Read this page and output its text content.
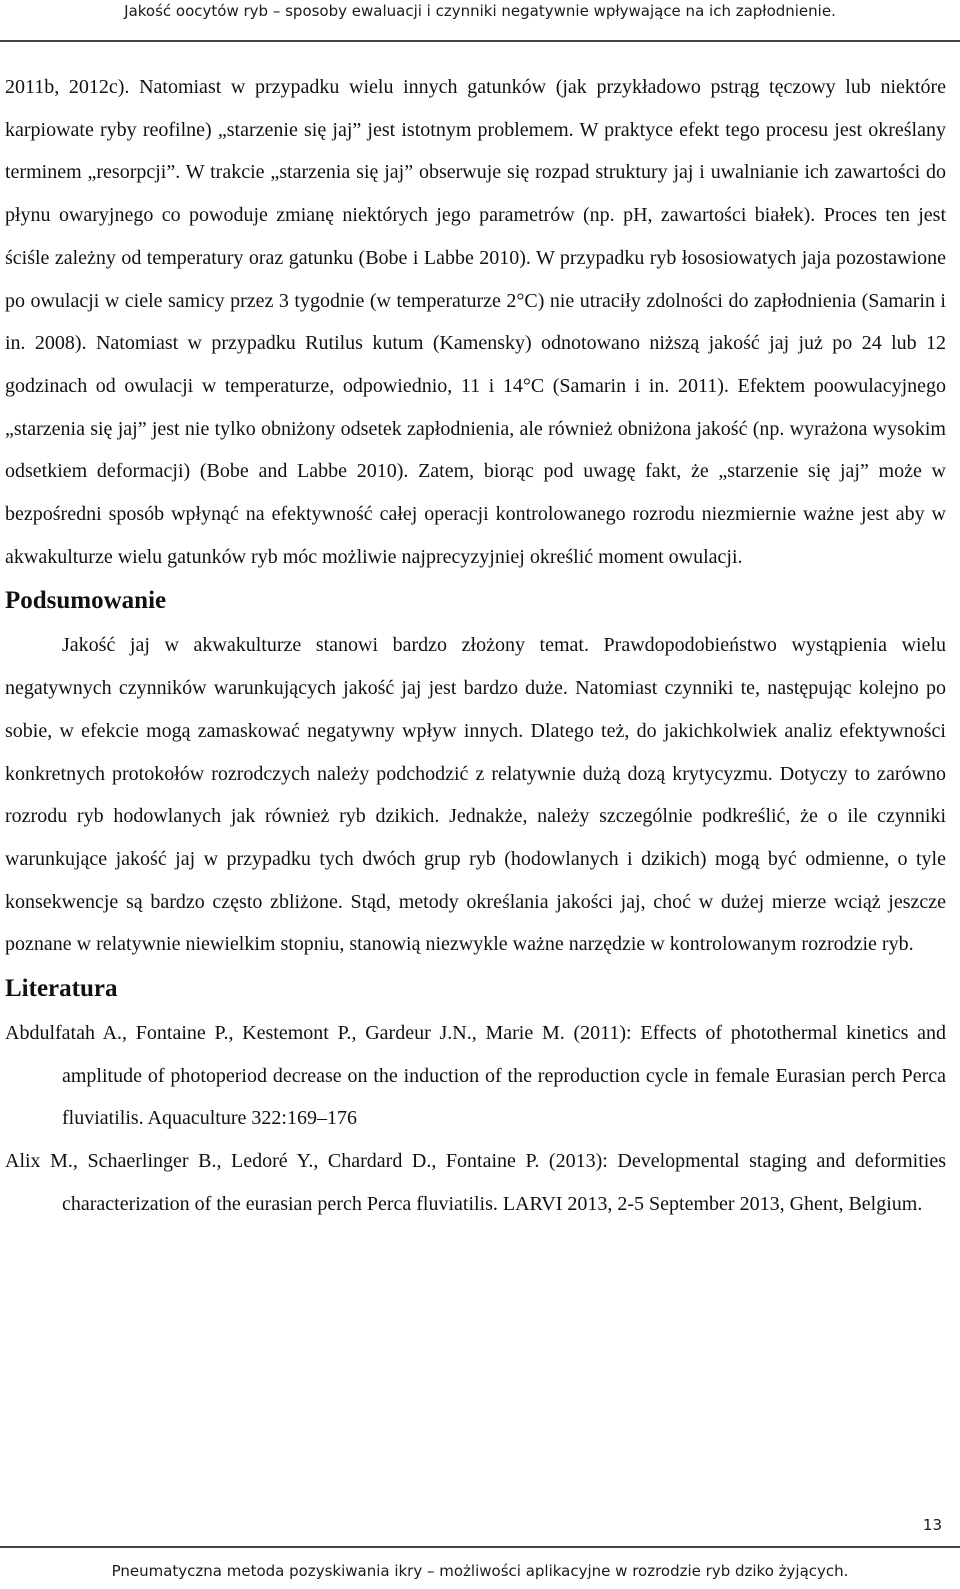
Jakość oocytów ryb – sposoby ewaluacji i czynniki negatywnie wpływające na ich zapłodnienie.

2011b, 2012c). Natomiast w przypadku wielu innych gatunków (jak przykładowo pstrąg tęczowy lub niektóre karpiowate ryby reofilne) „starzenie się jaj” jest istotnym problemem. W praktyce efekt tego procesu jest określany terminem „resorpcji”. W trakcie „starzenia się jaj” obserwuje się rozpad struktury jaj i uwalnianie ich zawartości do płynu owaryjnego co powoduje zmianę niektórych jego parametrów (np. pH, zawartości białek). Proces ten jest ściśle zależny od temperatury oraz gatunku (Bobe i Labbe 2010). W przypadku ryb łososiowatych jaja pozostawione po owulacji w ciele samicy przez 3 tygodnie (w temperaturze 2°C) nie utraciły zdolności do zapłodnienia (Samarin i in. 2008). Natomiast w przypadku Rutilus kutum (Kamensky) odnotowano niższą jakość jaj już po 24 lub 12 godzinach od owulacji w temperaturze, odpowiednio, 11 i 14°C (Samarin i in. 2011). Efektem poowulacyjnego „starzenia się jaj” jest nie tylko obniżony odsetek zapłodnienia, ale również obniżona jakość (np. wyrażona wysokim odsetkiem deformacji) (Bobe and Labbe 2010). Zatem, biorąc pod uwagę fakt, że „starzenie się jaj” może w bezpośredni sposób wpłynąć na efektywność całej operacji kontrolowanego rozrodu niezmiernie ważne jest aby w akwakulturze wielu gatunków ryb móc możliwie najprecyzyjniej określić moment owulacji.

Podsumowanie

Jakość jaj w akwakulturze stanowi bardzo złożony temat. Prawdopodobieństwo wystąpienia wielu negatywnych czynników warunkujących jakość jaj jest bardzo duże. Natomiast czynniki te, następując kolejno po sobie, w efekcie mogą zamaskować negatywny wpływ innych. Dlatego też, do jakichkolwiek analiz efektywności konkretnych protokołów rozrodczych należy podchodzić z relatywnie dużą dozą krytycyzmu. Dotyczy to zarówno rozrodu ryb hodowlanych jak również ryb dzikich. Jednakże, należy szczególnie podkreślić, że o ile czynniki warunkujące jakość jaj w przypadku tych dwóch grup ryb (hodowlanych i dzikich) mogą być odmienne, o tyle konsekwencje są bardzo często zbliżone. Stąd, metody określania jakości jaj, choć w dużej mierze wciąż jeszcze poznane w relatywnie niewielkim stopniu, stanowią niezwykle ważne narzędzie w kontrolowanym rozrodzie ryb.

Literatura

Abdulfatah A., Fontaine P., Kestemont P., Gardeur J.N., Marie M. (2011): Effects of photothermal kinetics and amplitude of photoperiod decrease on the induction of the reproduction cycle in female Eurasian perch Perca fluviatilis. Aquaculture 322:169–176

Alix M., Schaerlinger B., Ledoré Y., Chardard D., Fontaine P. (2013): Developmental staging and deformities characterization of the eurasian perch Perca fluviatilis. LARVI 2013, 2-5 September 2013, Ghent, Belgium.

13
Pneumatyczna metoda pozyskiwania ikry – możliwości aplikacyjne w rozrodzie ryb dziko żyjących.
